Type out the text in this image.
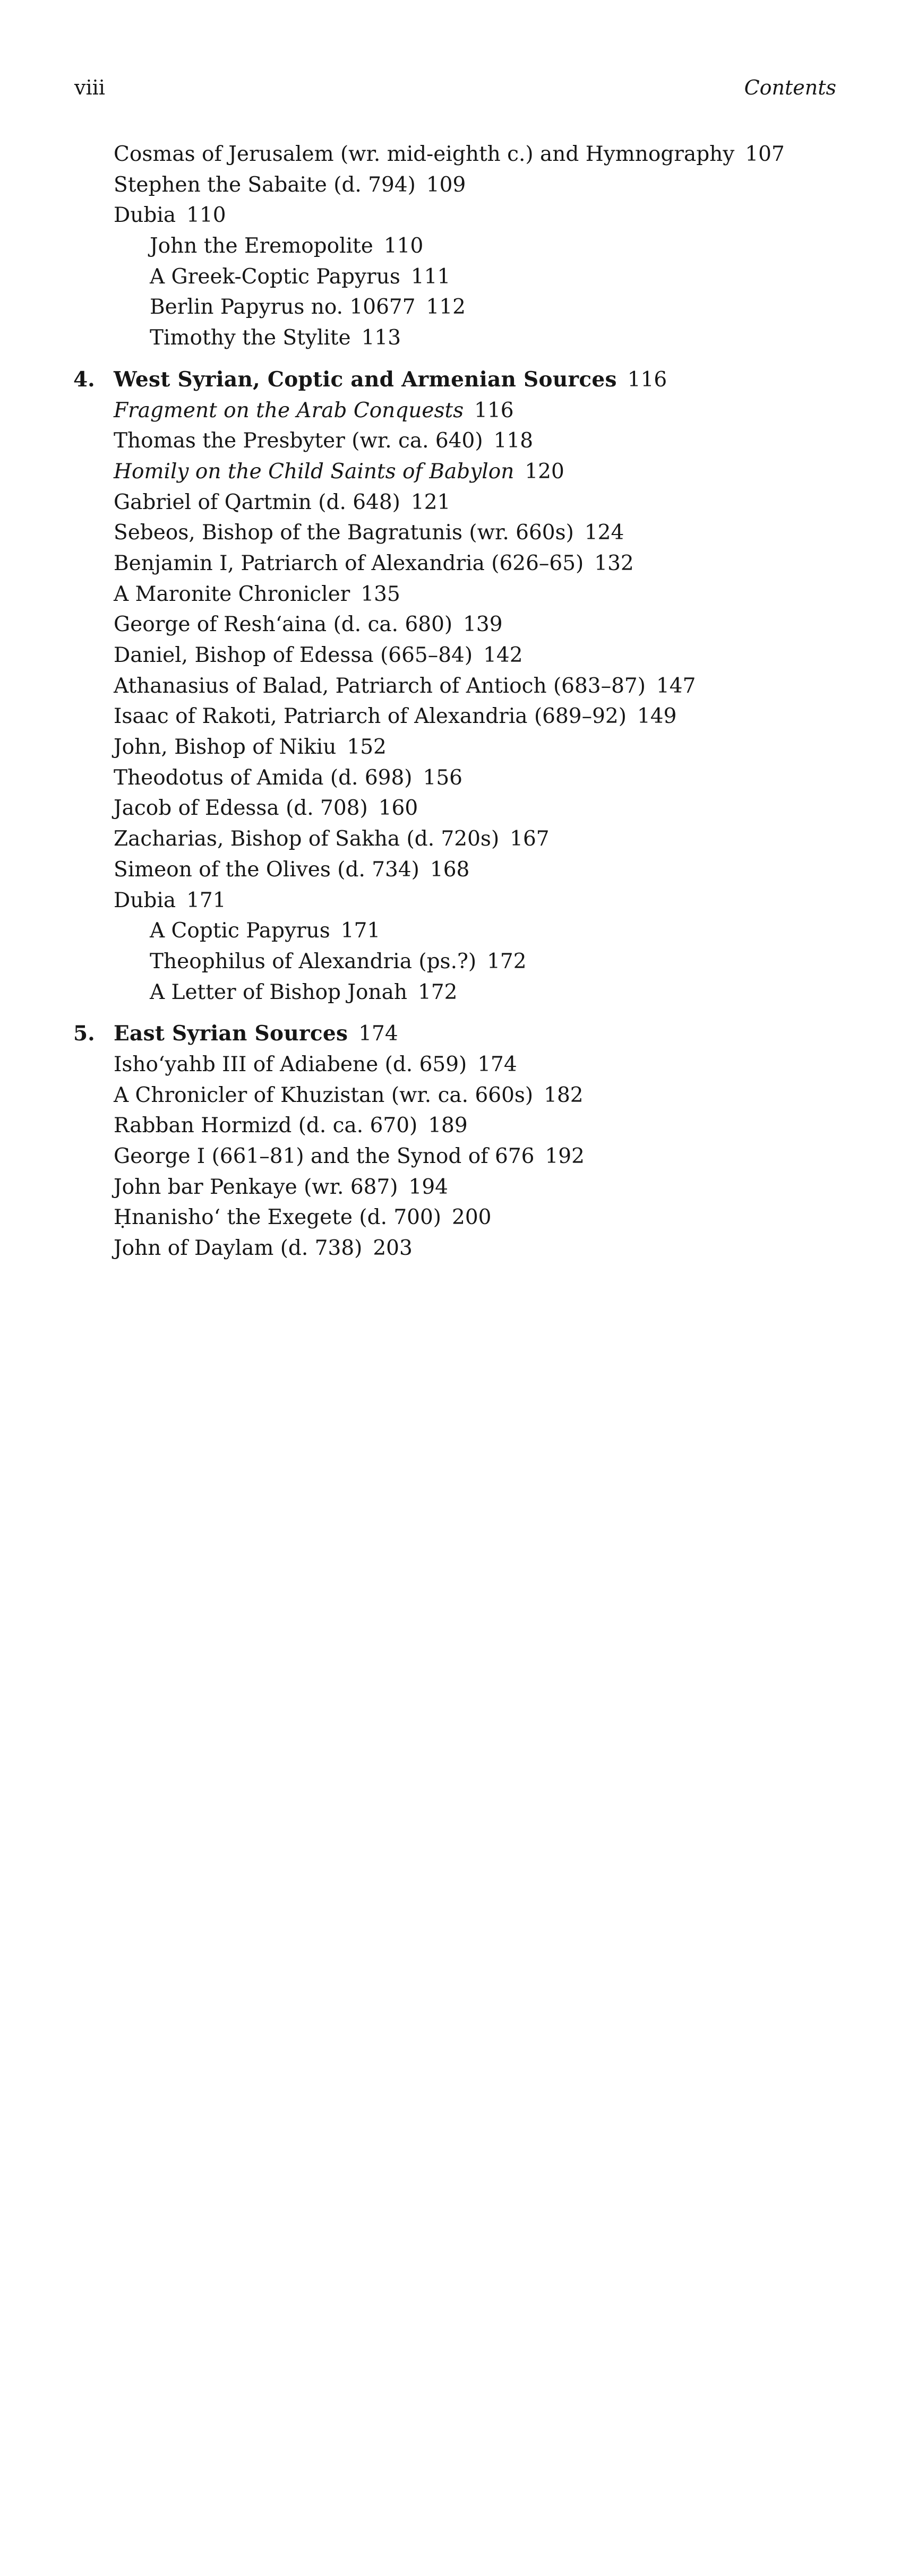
viii	Contents
Cosmas of Jerusalem (wr. mid-eighth c.) and Hymnography 107
Stephen the Sabaite (d. 794) 109
Dubia 110
John the Eremopolite 110
A Greek-Coptic Papyrus 111
Berlin Papyrus no. 10677 112
Timothy the Stylite 113
4. West Syrian, Coptic and Armenian Sources 116
Fragment on the Arab Conquests 116
Thomas the Presbyter (wr. ca. 640) 118
Homily on the Child Saints of Babylon 120
Gabriel of Qartmin (d. 648) 121
Sebeos, Bishop of the Bagratunis (wr. 660s) 124
Benjamin I, Patriarch of Alexandria (626–65) 132
A Maronite Chronicler 135
George of Resh‘aina (d. ca. 680) 139
Daniel, Bishop of Edessa (665–84) 142
Athanasius of Balad, Patriarch of Antioch (683–87) 147
Isaac of Rakoti, Patriarch of Alexandria (689–92) 149
John, Bishop of Nikiu 152
Theodotus of Amida (d. 698) 156
Jacob of Edessa (d. 708) 160
Zacharias, Bishop of Sakha (d. 720s) 167
Simeon of the Olives (d. 734) 168
Dubia 171
A Coptic Papyrus 171
Theophilus of Alexandria (ps.?) 172
A Letter of Bishop Jonah 172
5. East Syrian Sources 174
Isho‘yahb III of Adiabene (d. 659) 174
A Chronicler of Khuzistan (wr. ca. 660s) 182
Rabban Hormizd (d. ca. 670) 189
George I (661–81) and the Synod of 676 192
John bar Penkaye (wr. 687) 194
Ḥnanisho‘ the Exegete (d. 700) 200
John of Daylam (d. 738) 203
